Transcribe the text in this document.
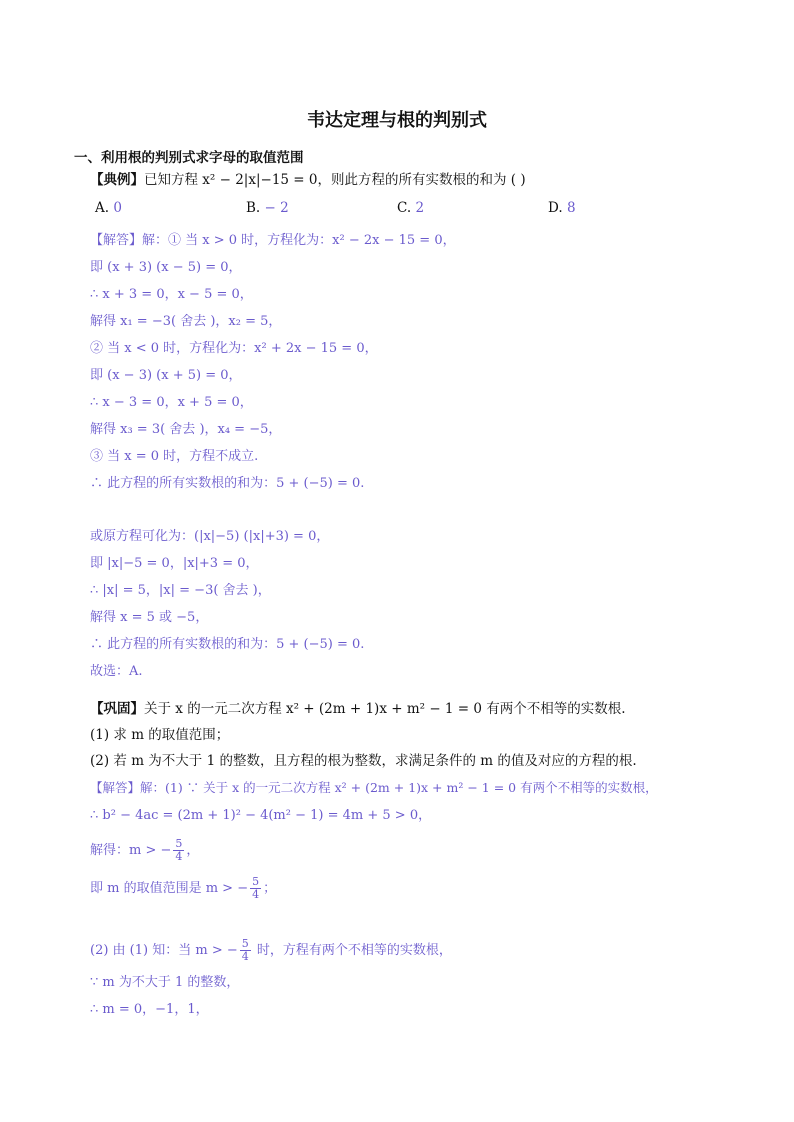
韦达定理与根的判别式
一、利用根的判别式求字母的取值范围
【典例】已知方程 x² − 2|x|−15 = 0，则此方程的所有实数根的和为 ( )
A. 0	B. − 2	C. 2	D. 8
【解答】解：① 当 x > 0 时，方程化为：x² − 2x − 15 = 0，
即 (x + 3) (x − 5) = 0，
∴ x + 3 = 0，x − 5 = 0，
解得 x₁ = −3( 舍去 )，x₂ = 5，
② 当 x < 0 时，方程化为：x² + 2x − 15 = 0，
即 (x − 3) (x + 5) = 0，
∴ x − 3 = 0，x + 5 = 0，
解得 x₃ = 3( 舍去 )，x₄ = −5，
③ 当 x = 0 时，方程不成立.
∴ 此方程的所有实数根的和为：5 + (−5) = 0.
或原方程可化为：(|x|−5) (|x|+3) = 0，
即 |x|−5 = 0，|x|+3 = 0，
∴ |x| = 5，|x| = −3( 舍去 )，
解得 x = 5 或 −5，
∴ 此方程的所有实数根的和为：5 + (−5) = 0.
故选：A.
【巩固】关于 x 的一元二次方程 x² + (2m + 1)x + m² − 1 = 0 有两个不相等的实数根.
(1) 求 m 的取值范围；
(2) 若 m 为不大于 1 的整数，且方程的根为整数，求满足条件的 m 的值及对应的方程的根.
【解答】解：(1) ∵ 关于 x 的一元二次方程 x² + (2m + 1)x + m² − 1 = 0 有两个不相等的实数根，
∴ b² − 4ac = (2m + 1)² − 4(m² − 1) = 4m + 5 > 0，
解得：m > − $\frac{5}{4}$ ，
即 m 的取值范围是 m > − $\frac{5}{4}$ ；
(2) 由 (1) 知：当 m > − $\frac{5}{4}$ 时，方程有两个不相等的实数根，
∵ m 为不大于 1 的整数，
∴ m = 0，−1，1，
